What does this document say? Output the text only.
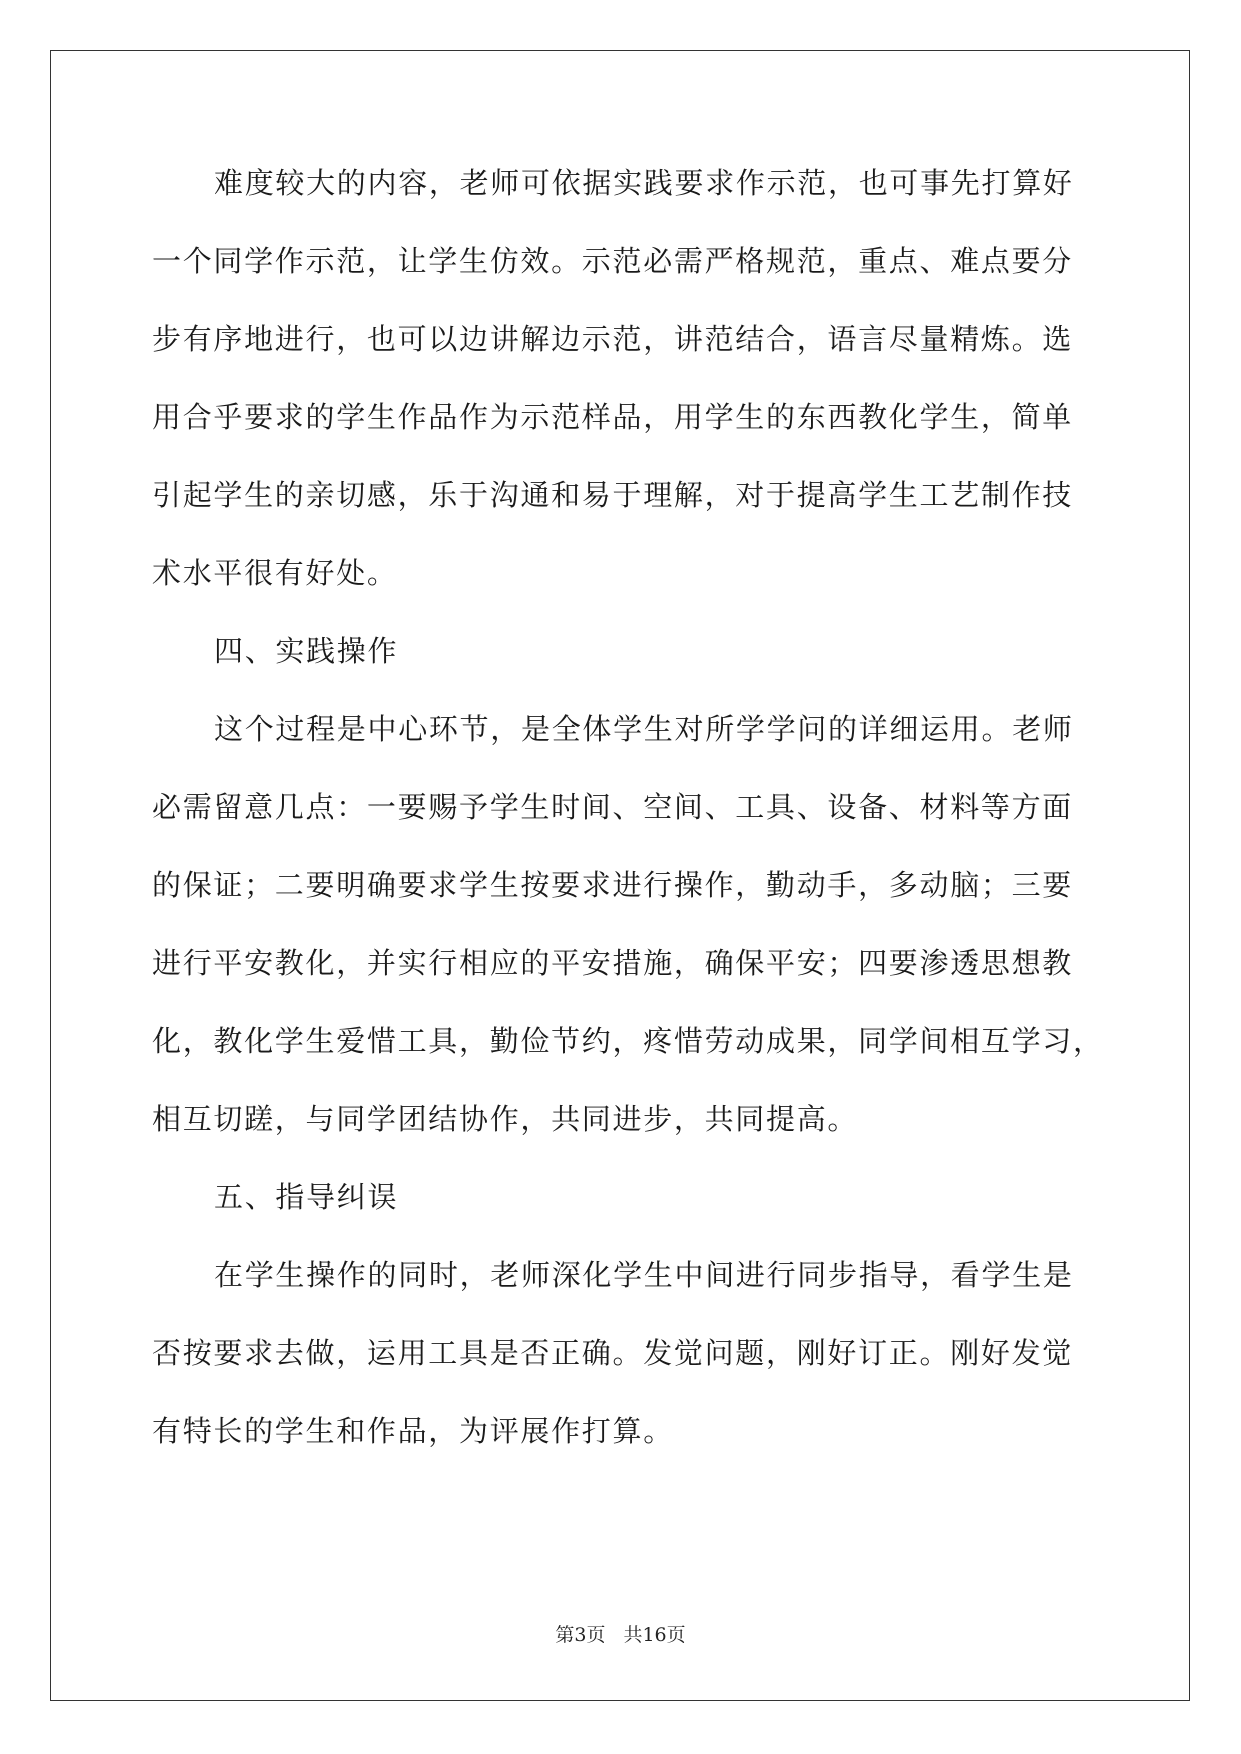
难度较大的内容，老师可依据实践要求作示范，也可事先打算好
一个同学作示范，让学生仿效。示范必需严格规范，重点、难点要分
步有序地进行，也可以边讲解边示范，讲范结合，语言尽量精炼。选
用合乎要求的学生作品作为示范样品，用学生的东西教化学生，简单
引起学生的亲切感，乐于沟通和易于理解，对于提高学生工艺制作技
术水平很有好处。
四、实践操作
这个过程是中心环节，是全体学生对所学学问的详细运用。老师
必需留意几点：一要赐予学生时间、空间、工具、设备、材料等方面
的保证；二要明确要求学生按要求进行操作，勤动手，多动脑；三要
进行平安教化，并实行相应的平安措施，确保平安；四要渗透思想教
化，教化学生爱惜工具，勤俭节约，疼惜劳动成果，同学间相互学习，
相互切蹉，与同学团结协作，共同进步，共同提高。
五、指导纠误
在学生操作的同时，老师深化学生中间进行同步指导，看学生是
否按要求去做，运用工具是否正确。发觉问题，刚好订正。刚好发觉
有特长的学生和作品，为评展作打算。
第3页 共16页
